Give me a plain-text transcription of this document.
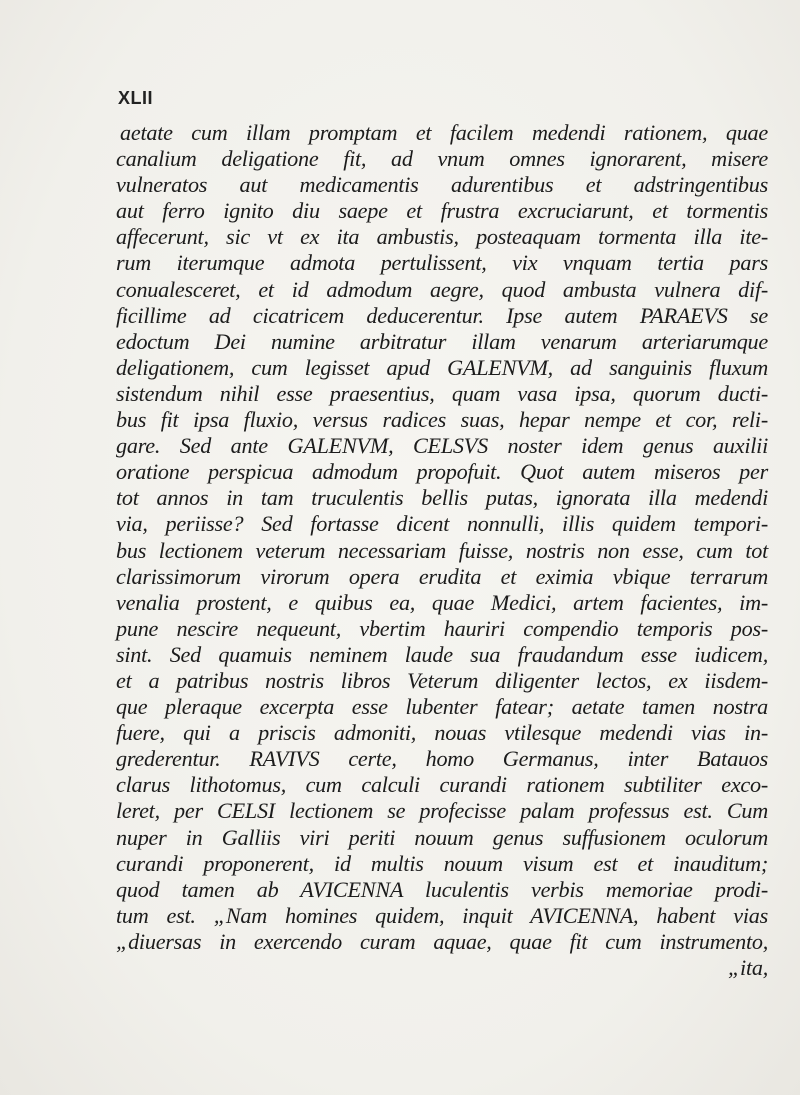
XLII
aetate cum illam promptam et facilem medendi rationem, quae
canalium deligatione fit, ad vnum omnes ignorarent, misere
vulneratos aut medicamentis adurentibus et adstringentibus
aut ferro ignito diu saepe et frustra excruciarunt, et tormentis
affecerunt, sic vt ex ita ambustis, posteaquam tormenta illa ite-
rum iterumque admota pertulissent, vix vnquam tertia pars
conualesceret, et id admodum aegre, quod ambusta vulnera dif-
ficillime ad cicatricem deducerentur. Ipse autem PARAEVS se
edoctum Dei numine arbitratur illam venarum arteriarumque
deligationem, cum legisset apud GALENVM, ad sanguinis fluxum
sistendum nihil esse praesentius, quam vasa ipsa, quorum ducti-
bus fit ipsa fluxio, versus radices suas, hepar nempe et cor, reli-
gare. Sed ante GALENVM, CELSVS noster idem genus auxilii
oratione perspicua admodum propofuit. Quot autem miseros per
tot annos in tam truculentis bellis putas, ignorata illa medendi
via, periisse? Sed fortasse dicent nonnulli, illis quidem tempori-
bus lectionem veterum necessariam fuisse, nostris non esse, cum tot
clarissimorum virorum opera erudita et eximia vbique terrarum
venalia prostent, e quibus ea, quae Medici, artem facientes, im-
pune nescire nequeunt, vbertim hauriri compendio temporis pos-
sint. Sed quamuis neminem laude sua fraudandum esse iudicem,
et a patribus nostris libros Veterum diligenter lectos, ex iisdem-
que pleraque excerpta esse lubenter fatear; aetate tamen nostra
fuere, qui a priscis admoniti, nouas vtilesque medendi vias in-
grederentur. RAVIVS certe, homo Germanus, inter Batauos
clarus lithotomus, cum calculi curandi rationem subtiliter exco-
leret, per CELSI lectionem se profecisse palam professus est. Cum
nuper in Galliis viri periti nouum genus suffusionem oculorum
curandi proponerent, id multis nouum visum est et inauditum;
quod tamen ab AVICENNA luculentis verbis memoriae prodi-
tum est. „Nam homines quidem, inquit AVICENNA, habent vias
„diuersas in exercendo curam aquae, quae fit cum instrumento,
„ita,
